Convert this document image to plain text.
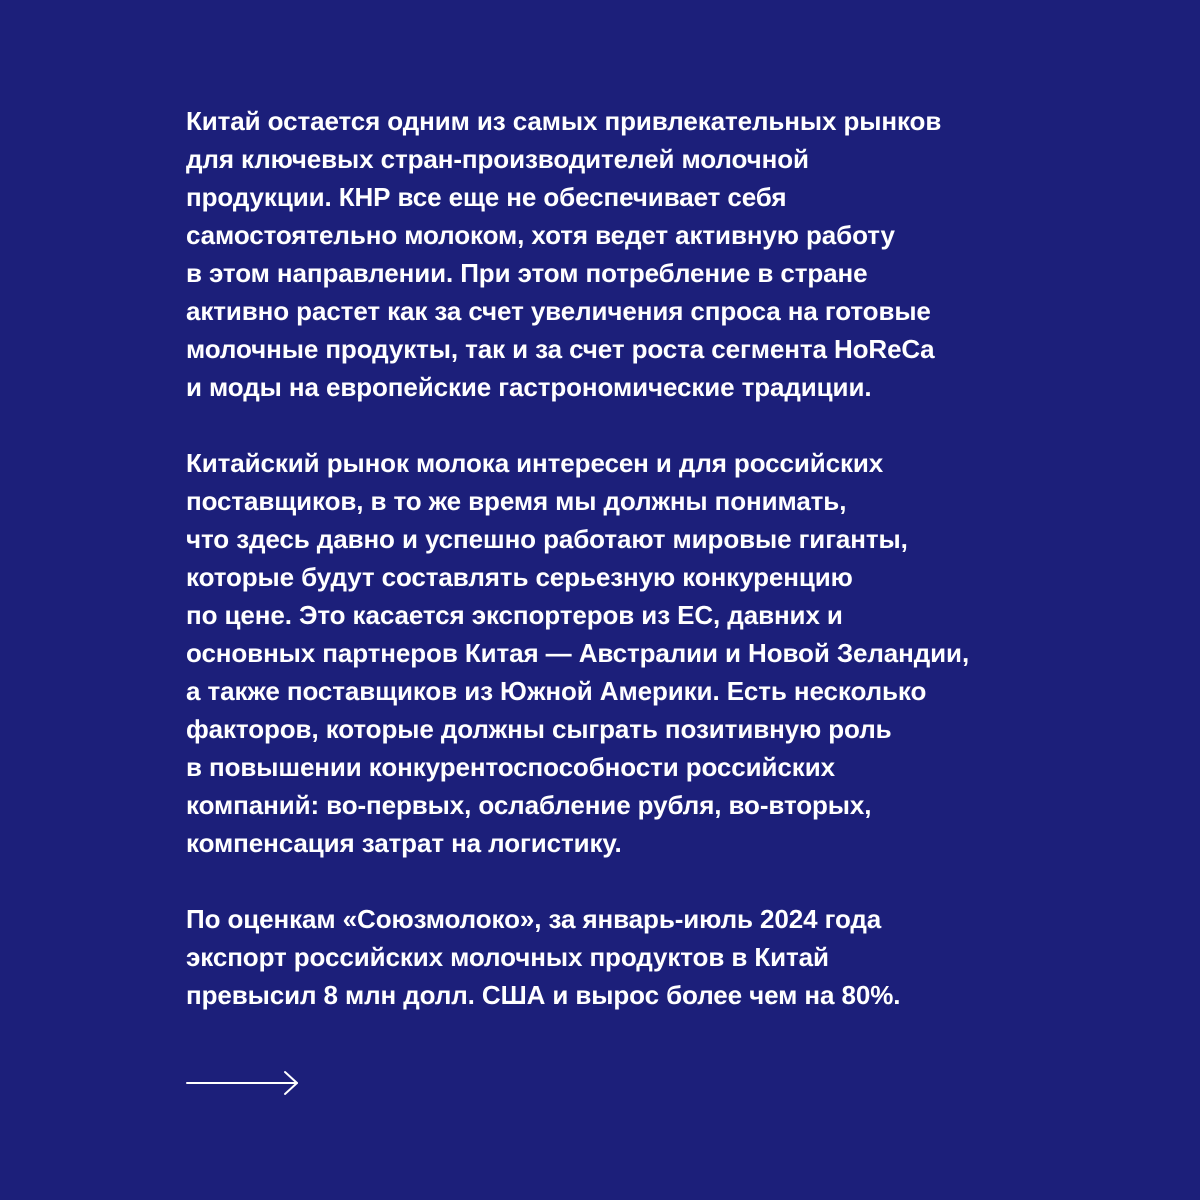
Китай остается одним из самых привлекательных рынков
для ключевых стран-производителей молочной
продукции. КНР все еще не обеспечивает себя
самостоятельно молоком, хотя ведет активную работу
в этом направлении. При этом потребление в стране
активно растет как за счет увеличения спроса на готовые
молочные продукты, так и за счет роста сегмента HoReCa
и моды на европейские гастрономические традиции.

Китайский рынок молока интересен и для российских
поставщиков, в то же время мы должны понимать,
что здесь давно и успешно работают мировые гиганты,
которые будут составлять серьезную конкуренцию
по цене. Это касается экспортеров из ЕС, давних и
основных партнеров Китая — Австралии и Новой Зеландии,
а также поставщиков из Южной Америки. Есть несколько
факторов, которые должны сыграть позитивную роль
в повышении конкурентоспособности российских
компаний: во-первых, ослабление рубля, во-вторых,
компенсация затрат на логистику.

По оценкам «Союзмолоко», за январь-июль 2024 года
экспорт российских молочных продуктов в Китай
превысил 8 млн долл. США и вырос более чем на 80%.
